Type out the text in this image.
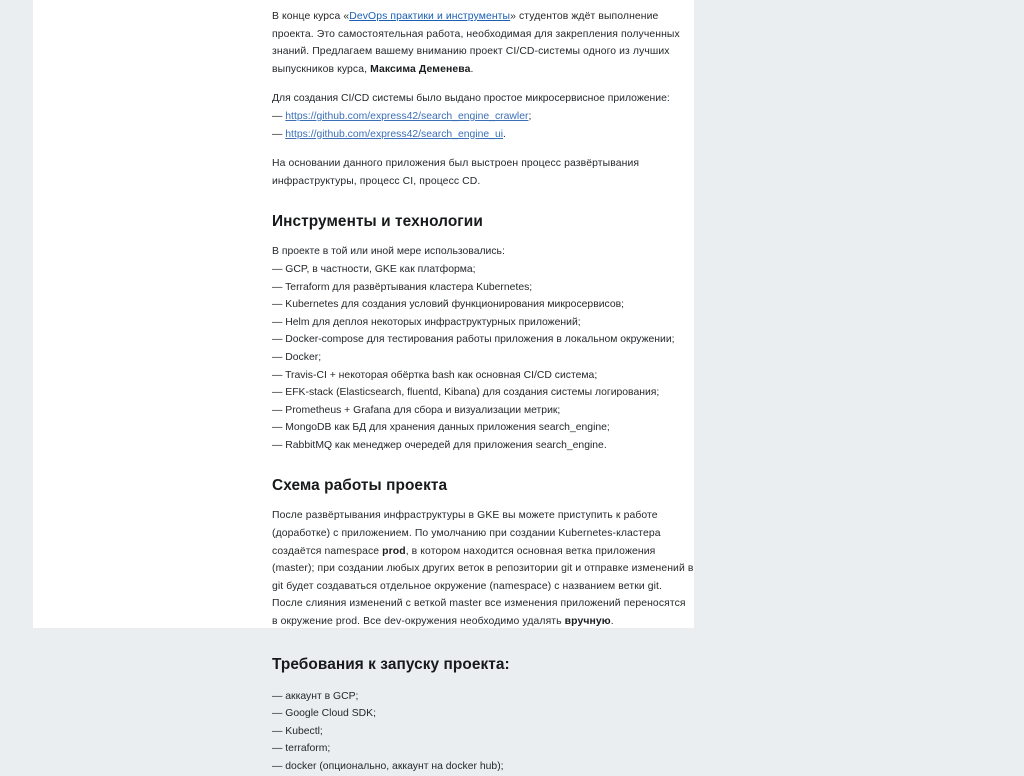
В конце курса «DevOps практики и инструменты» студентов ждёт выполнение проекта. Это самостоятельная работа, необходимая для закрепления полученных знаний. Предлагаем вашему вниманию проект CI/CD-системы одного из лучших выпускников курса, Максима Деменева.

Для создания CI/CD системы было выдано простое микросервисное приложение:

— https://github.com/express42/search_engine_crawler;
— https://github.com/express42/search_engine_ui.

На основании данного приложения был выстроен процесс развёртывания инфраструктуры, процесс CI, процесс CD.

Инструменты и технологии

В проекте в той или иной мере использовались:

— GCP, в частности, GKE как платформа;
— Terraform для развёртывания кластера Kubernetes;
— Kubernetes для создания условий функционирования микросервисов;
— Helm для деплоя некоторых инфраструктурных приложений;
— Docker-compose для тестирования работы приложения в локальном окружении;
— Docker;
— Travis-CI + некоторая обёртка bash как основная CI/CD система;
— EFK-stack (Elasticsearch, fluentd, Kibana) для создания системы логирования;
— Prometheus + Grafana для сбора и визуализации метрик;
— MongoDB как БД для хранения данных приложения search_engine;
— RabbitMQ как менеджер очередей для приложения search_engine.
Схема работы проекта

После развёртывания инфраструктуры в GKE вы можете приступить к работе (доработке) с приложением. По умолчанию при создании Kubernetes-кластера создаётся namespace prod, в котором находится основная ветка приложения (master); при создании любых других веток в репозитории git и отправке изменений в git будет создаваться отдельное окружение (namespace) с названием ветки git. После слияния изменений с веткой master все изменения приложений переносятся в окружение prod. Все dev-окружения необходимо удалять вручную.

Требования к запуску проекта:
— аккаунт в GCP;
— Google Cloud SDK;
— Kubectl;
— terraform;
— docker (опционально, аккаунт на docker hub);
